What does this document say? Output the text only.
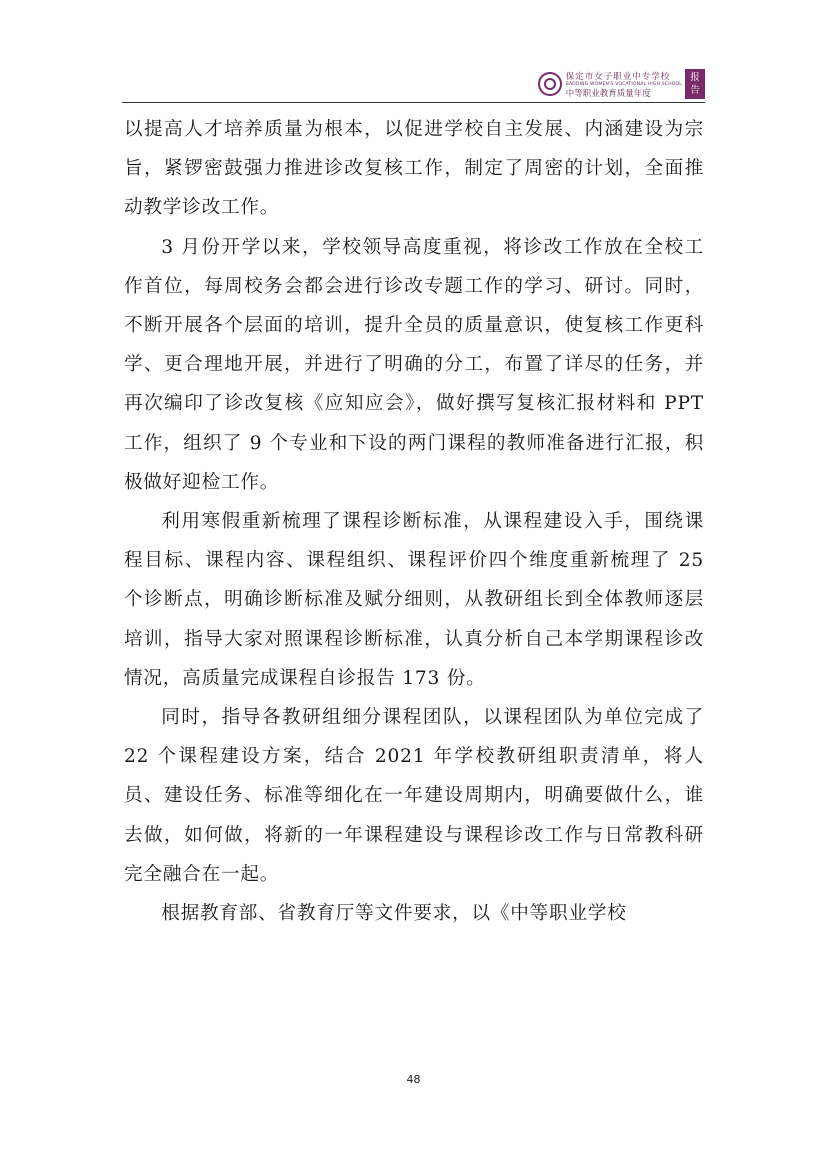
保定市女子职业中专学校
BAODING WOMEN'S VOCATIONAL HIGH SCHOOL
中等职业教育质量年度
报
告

以提高人才培养质量为根本，以促进学校自主发展、内涵建设为宗旨，紧锣密鼓强力推进诊改复核工作，制定了周密的计划，全面推动教学诊改工作。

3 月份开学以来，学校领导高度重视，将诊改工作放在全校工作首位，每周校务会都会进行诊改专题工作的学习、研讨。同时，不断开展各个层面的培训，提升全员的质量意识，使复核工作更科学、更合理地开展，并进行了明确的分工，布置了详尽的任务，并再次编印了诊改复核《应知应会》，做好撰写复核汇报材料和 PPT 工作，组织了 9 个专业和下设的两门课程的教师准备进行汇报，积极做好迎检工作。

利用寒假重新梳理了课程诊断标准，从课程建设入手，围绕课程目标、课程内容、课程组织、课程评价四个维度重新梳理了 25 个诊断点，明确诊断标准及赋分细则，从教研组长到全体教师逐层培训，指导大家对照课程诊断标准，认真分析自己本学期课程诊改情况，高质量完成课程自诊报告 173 份。

同时，指导各教研组细分课程团队，以课程团队为单位完成了 22 个课程建设方案，结合 2021 年学校教研组职责清单，将人员、建设任务、标准等细化在一年建设周期内，明确要做什么，谁去做，如何做，将新的一年课程建设与课程诊改工作与日常教科研完全融合在一起。

根据教育部、省教育厅等文件要求，以《中等职业学校

48
